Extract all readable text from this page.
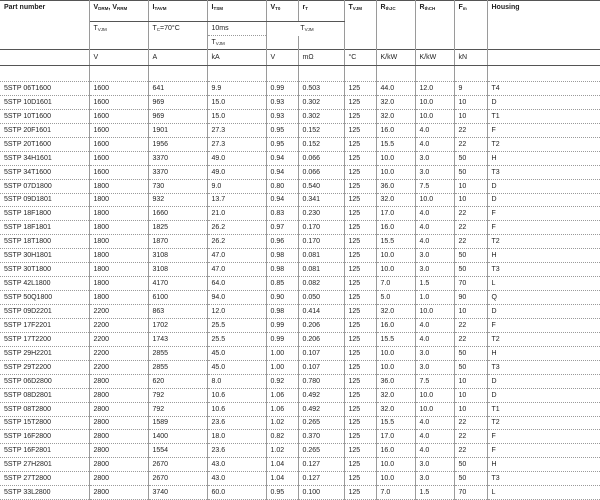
Part number	$V_{DRM}$, $V_{RRM}$	$I_{TAVM}$	$I_{TSM}$	$V_{T0}$	$r_T$	$T_{VJM}$	$R_{thJC}$	$R_{thCH}$	$F_m$	Housing
	$T_{VJM}$	$T_C=70^\circ C$	10ms	$T_{VJM}$					
			$T_{VJM}$							
	V	A	kA	V	mΩ	°C	K/kW	K/kW	kN	

5STP 06T1600	1600	641	9.9	0.99	0.503	125	44.0	12.0	9	T4
5STP 10D1601	1600	969	15.0	0.93	0.302	125	32.0	10.0	10	D
5STP 10T1600	1600	969	15.0	0.93	0.302	125	32.0	10.0	10	T1
5STP 20F1601	1600	1901	27.3	0.95	0.152	125	16.0	4.0	22	F
5STP 20T1600	1600	1956	27.3	0.95	0.152	125	15.5	4.0	22	T2
5STP 34H1601	1600	3370	49.0	0.94	0.066	125	10.0	3.0	50	H
5STP 34T1600	1600	3370	49.0	0.94	0.066	125	10.0	3.0	50	T3
5STP 07D1800	1800	730	9.0	0.80	0.540	125	36.0	7.5	10	D
5STP 09D1801	1800	932	13.7	0.94	0.341	125	32.0	10.0	10	D
5STP 18F1800	1800	1660	21.0	0.83	0.230	125	17.0	4.0	22	F
5STP 18F1801	1800	1825	26.2	0.97	0.170	125	16.0	4.0	22	F
5STP 18T1800	1800	1870	26.2	0.96	0.170	125	15.5	4.0	22	T2
5STP 30H1801	1800	3108	47.0	0.98	0.081	125	10.0	3.0	50	H
5STP 30T1800	1800	3108	47.0	0.98	0.081	125	10.0	3.0	50	T3
5STP 42L1800	1800	4170	64.0	0.85	0.082	125	7.0	1.5	70	L
5STP 50Q1800	1800	6100	94.0	0.90	0.050	125	5.0	1.0	90	Q
5STP 09D2201	2200	863	12.0	0.98	0.414	125	32.0	10.0	10	D
5STP 17F2201	2200	1702	25.5	0.99	0.206	125	16.0	4.0	22	F
5STP 17T2200	2200	1743	25.5	0.99	0.206	125	15.5	4.0	22	T2
5STP 29H2201	2200	2855	45.0	1.00	0.107	125	10.0	3.0	50	H
5STP 29T2200	2200	2855	45.0	1.00	0.107	125	10.0	3.0	50	T3
5STP 06D2800	2800	620	8.0	0.92	0.780	125	36.0	7.5	10	D
5STP 08D2801	2800	792	10.6	1.06	0.492	125	32.0	10.0	10	D
5STP 08T2800	2800	792	10.6	1.06	0.492	125	32.0	10.0	10	T1
5STP 15T2800	2800	1589	23.6	1.02	0.265	125	15.5	4.0	22	T2
5STP 16F2800	2800	1400	18.0	0.82	0.370	125	17.0	4.0	22	F
5STP 16F2801	2800	1554	23.6	1.02	0.265	125	16.0	4.0	22	F
5STP 27H2801	2800	2670	43.0	1.04	0.127	125	10.0	3.0	50	H
5STP 27T2800	2800	2670	43.0	1.04	0.127	125	10.0	3.0	50	T3
5STP 33L2800	2800	3740	60.0	0.95	0.100	125	7.0	1.5	70	L
